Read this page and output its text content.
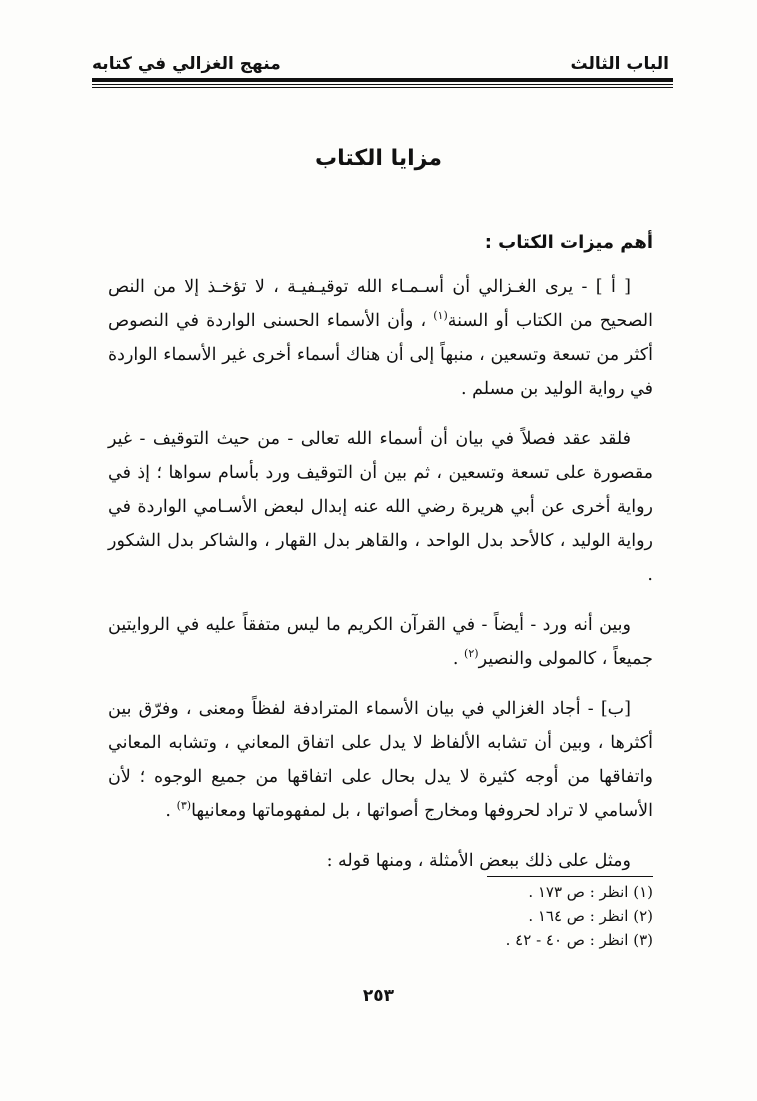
الباب الثالث
منهج الغزالي في كتابه
مزايا الكتاب
أهم ميزات الكتاب :

[ أ ] - يرى الغـزالي أن أسـمـاء الله توقيـفيـة ، لا تؤخـذ إلا من النص الصحيح من الكتاب أو السنة$^{(١)}$ ، وأن الأسماء الحسنى الواردة في النصوص أكثر من تسعة وتسعين ، منبهاً إلى أن هناك أسماء أخرى غير الأسماء الواردة في رواية الوليد بن مسلم .

فلقد عقد فصلاً في بيان أن أسماء الله تعالى - من حيث التوقيف - غير مقصورة على تسعة وتسعين ، ثم بين أن التوقيف ورد بأسام سواها ؛ إذ في رواية أخرى عن أبي هريرة رضي الله عنه إبدال لبعض الأسـامي الواردة في رواية الوليد ، كالأحد بدل الواحد ، والقاهر بدل القهار ، والشاكر بدل الشكور .

وبين أنه ورد - أيضاً - في القرآن الكريم ما ليس متفقاً عليه في الروايتين جميعاً ، كالمولى والنصير$^{(٢)}$ .

[ب] - أجاد الغزالي في بيان الأسماء المترادفة لفظاً ومعنى ، وفرّق بين أكثرها ، وبين أن تشابه الألفاظ لا يدل على اتفاق المعاني ، وتشابه المعاني واتفاقها من أوجه كثيرة لا يدل بحال على اتفاقها من جميع الوجوه ؛ لأن الأسامي لا تراد لحروفها ومخارج أصواتها ، بل لمفهوماتها ومعانيها$^{(٣)}$ .

ومثل على ذلك ببعض الأمثلة ، ومنها قوله :

(١) انظر : ص ١٧٣ .
(٢) انظر : ص ١٦٤ .
(٣) انظر : ص ٤٠ - ٤٢ .
٢٥٣
